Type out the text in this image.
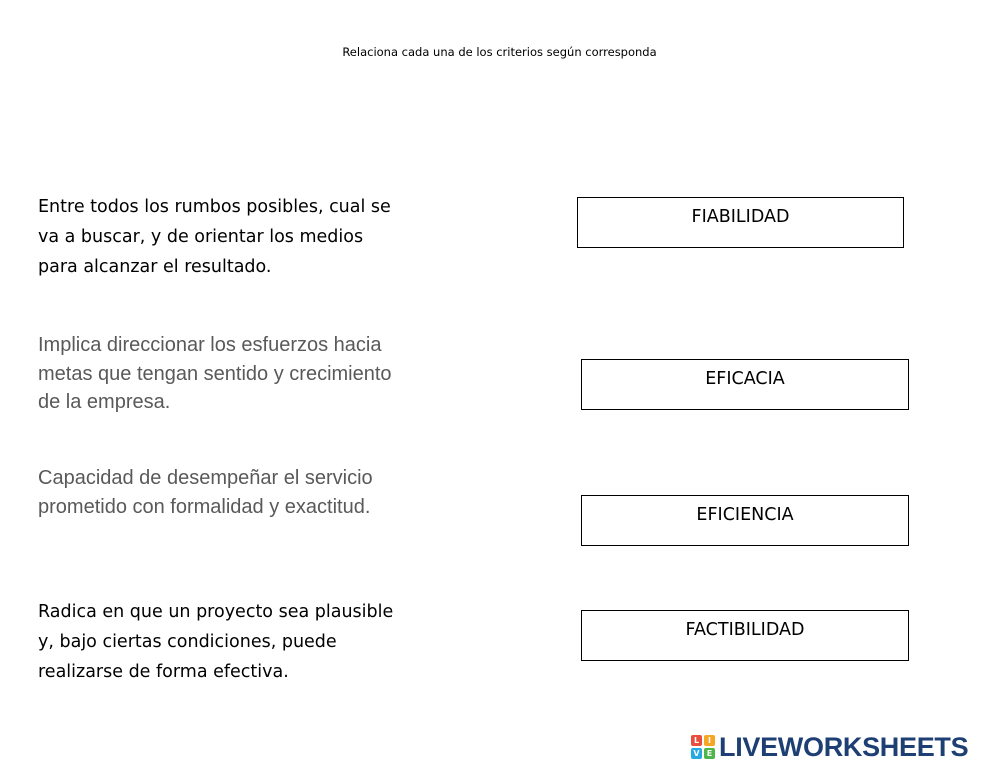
Relaciona cada una de los criterios según corresponda
Entre todos los rumbos posibles, cual se va a buscar, y de orientar los medios para alcanzar el resultado.
Implica direccionar los esfuerzos hacia metas que tengan sentido y crecimiento de la empresa.
Capacidad de desempeñar el servicio prometido con formalidad y exactitud.
Radica en que un proyecto sea plausible y, bajo ciertas condiciones, puede realizarse de forma efectiva.
FIABILIDAD
EFICACIA
EFICIENCIA
FACTIBILIDAD
L	I
V E LIVEWORKSHEETS
